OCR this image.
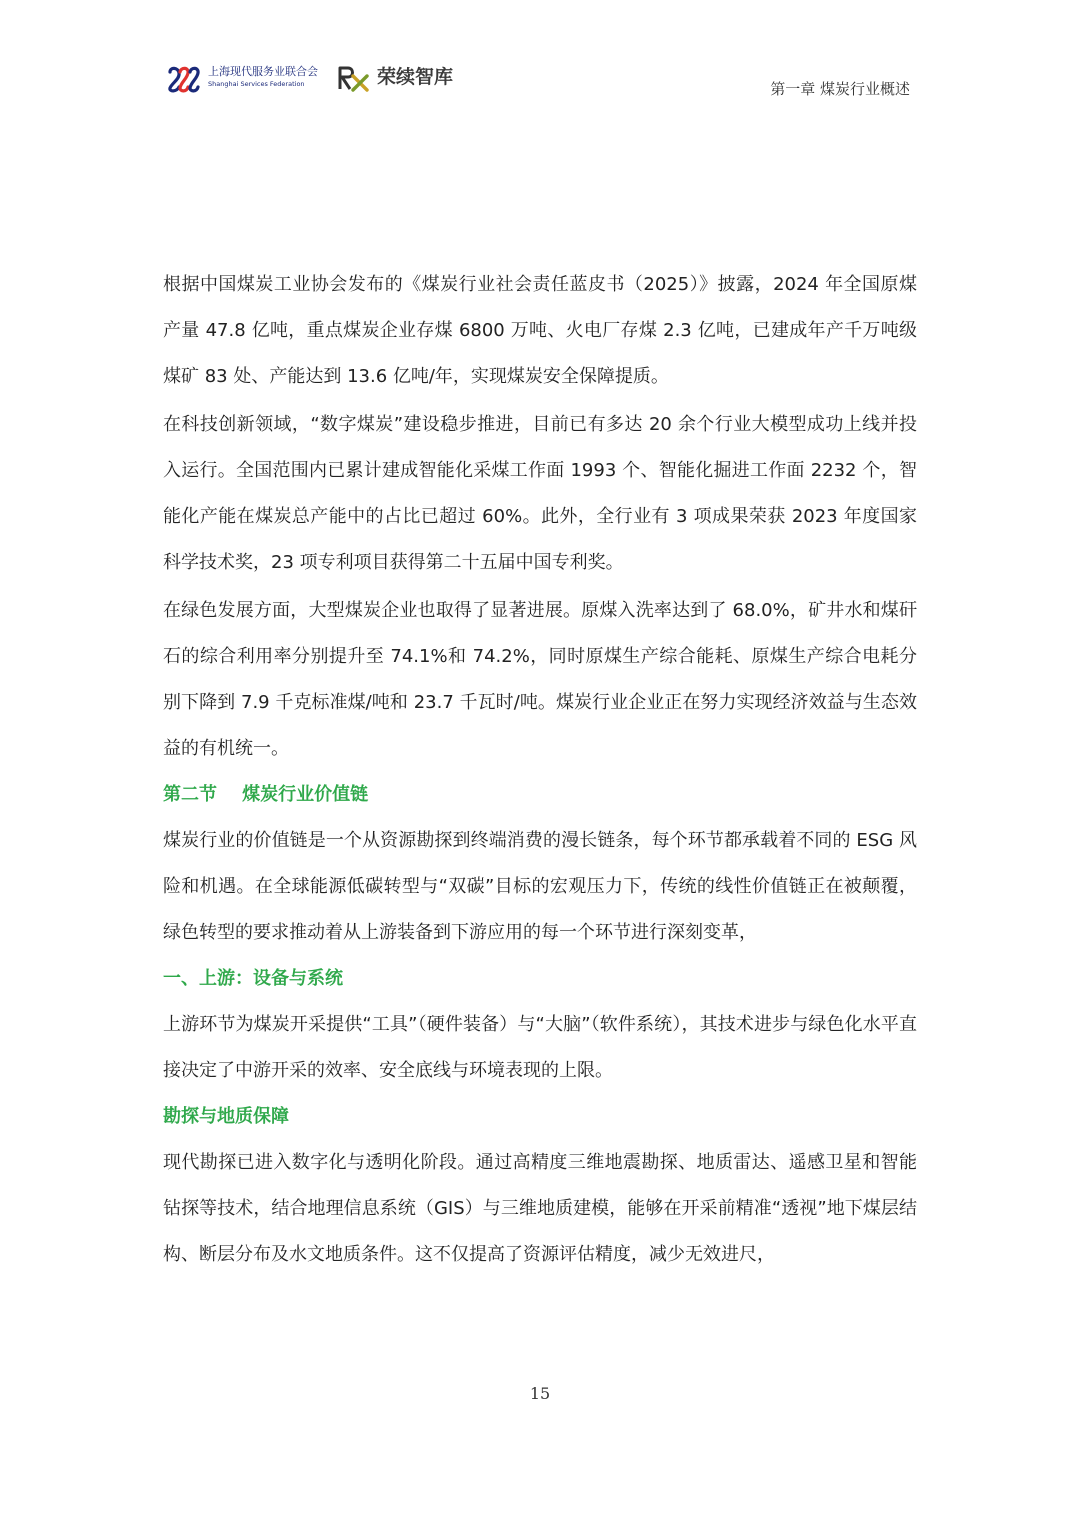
上海现代服务业联合会
Shanghai Services Federation	荣续智库
第一章 煤炭行业概述

根据中国煤炭工业协会发布的《煤炭行业社会责任蓝皮书（2025）》披露，2024 年全国原煤产量 47.8 亿吨，重点煤炭企业存煤 6800 万吨、火电厂存煤 2.3 亿吨，已建成年产千万吨级煤矿 83 处、产能达到 13.6 亿吨/年，实现煤炭安全保障提质。

在科技创新领域，“数字煤炭”建设稳步推进，目前已有多达 20 余个行业大模型成功上线并投入运行。全国范围内已累计建成智能化采煤工作面 1993 个、智能化掘进工作面 2232 个，智能化产能在煤炭总产能中的占比已超过 60%。此外，全行业有 3 项成果荣获 2023 年度国家科学技术奖，23 项专利项目获得第二十五届中国专利奖。

在绿色发展方面，大型煤炭企业也取得了显著进展。原煤入洗率达到了 68.0%，矿井水和煤矸石的综合利用率分别提升至 74.1%和 74.2%，同时原煤生产综合能耗、原煤生产综合电耗分别下降到 7.9 千克标准煤/吨和 23.7 千瓦时/吨。煤炭行业企业正在努力实现经济效益与生态效益的有机统一。

第二节    煤炭行业价值链

煤炭行业的价值链是一个从资源勘探到终端消费的漫长链条，每个环节都承载着不同的 ESG 风险和机遇。在全球能源低碳转型与“双碳”目标的宏观压力下，传统的线性价值链正在被颠覆，绿色转型的要求推动着从上游装备到下游应用的每一个环节进行深刻变革，

一、上游：设备与系统

上游环节为煤炭开采提供“工具”（硬件装备）与“大脑”（软件系统），其技术进步与绿色化水平直接决定了中游开采的效率、安全底线与环境表现的上限。

勘探与地质保障

现代勘探已进入数字化与透明化阶段。通过高精度三维地震勘探、地质雷达、遥感卫星和智能钻探等技术，结合地理信息系统（GIS）与三维地质建模，能够在开采前精准“透视”地下煤层结构、断层分布及水文地质条件。这不仅提高了资源评估精度，减少无效进尺，

15
